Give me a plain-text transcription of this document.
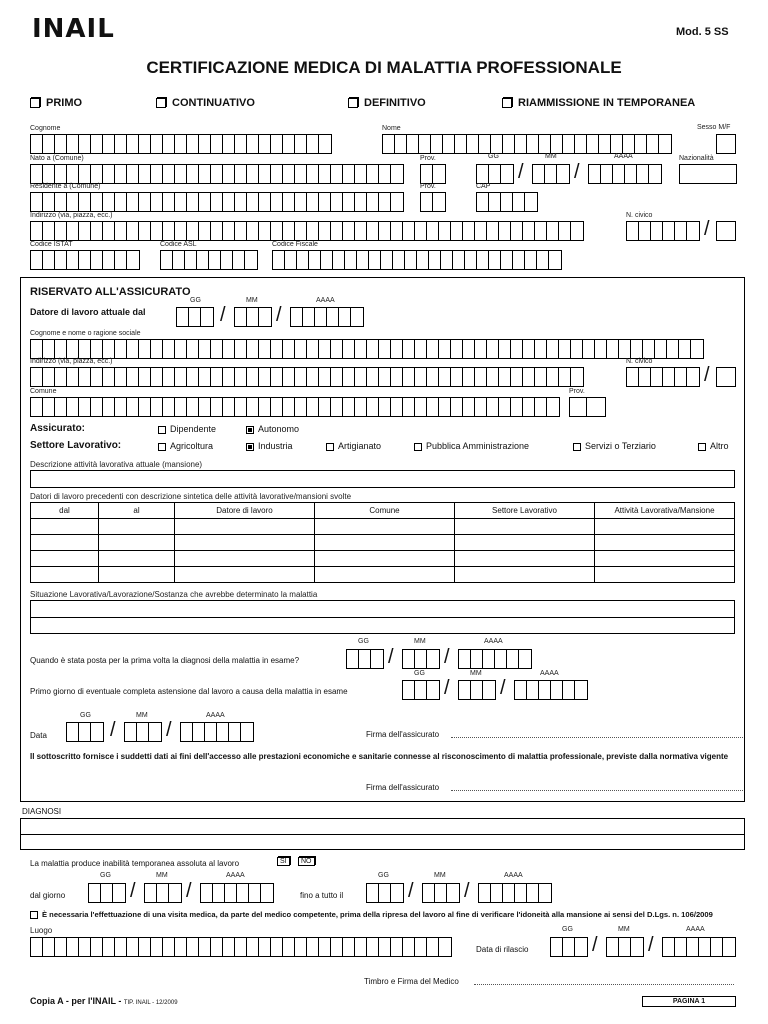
INAIL	Mod. 5 SS
CERTIFICAZIONE MEDICA DI MALATTIA PROFESSIONALE
PRIMO	CONTINUATIVO	DEFINITIVO	RIAMMISSIONE IN TEMPORANEA
Cognome	Nome	Sesso M/F
Nato a (Comune)	Prov.	GG
/
MM
/
AAAA	Nazionalità
Residente a (Comune)	Prov.	CAP
Indirizzo (via, piazza, ecc.)	N. civico
/
Codice ISTAT	Codice ASL	Codice Fiscale
RISERVATO ALL'ASSICURATO
Datore di lavoro attuale dal
GG
/
MM
/
AAAA
Cognome e nome o ragione sociale
Indirizzo (via, piazza, ecc.)	N. civico
/
Comune	Prov.
Assicurato:	Dipendente	Autonomo
Settore Lavorativo:	Agricoltura	Industria	Artigianato	Pubblica Amministrazione	Servizi o Terziario	Altro
Descrizione attività lavorativa attuale (mansione)
Datori di lavoro precedenti con descrizione sintetica delle attività lavorative/mansioni svolte
dal	al	Datore di lavoro	Comune	Settore Lavorativo	Attività Lavorativa/Mansione

Situazione Lavorativa/Lavorazione/Sostanza che avrebbe determinato la malattia
GG	MM	AAAA
Quando è stata posta per la prima volta la diagnosi della malattia in esame?	/	/
GG	MM	AAAA
Primo giorno di eventuale completa astensione dal lavoro a causa della malattia in esame	/	/
GG	MM	AAAA
Data	/	/	Firma dell'assicurato
Il sottoscritto fornisce i suddetti dati ai fini dell'accesso alle prestazioni economiche e sanitarie connesse al risconoscimento di malattia professionale, previste dalla normativa vigente
Firma dell'assicurato
DIAGNOSI
La malattia produce inabilità temporanea assoluta al lavoro	SI	NO
GG	MM	AAAA
dal giorno	/	/
GG	MM	AAAA
fino a tutto il	/	/
È necessaria l'effettuazione di una visita medica, da parte del medico competente, prima della ripresa del lavoro al fine di verificare l'idoneità alla mansione ai sensi del D.Lgs. n. 106/2009
Luogo	GG	MM	AAAA
Data di rilascio	/	/
Timbro e Firma del Medico
Copia A - per l'INAIL - TIP. INAIL - 12/2009	PAGINA 1
